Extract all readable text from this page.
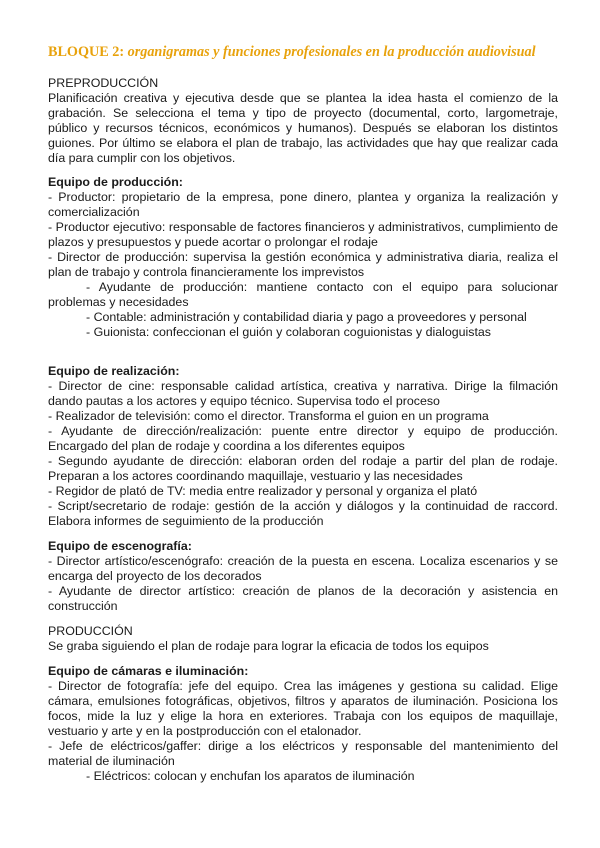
BLOQUE 2: organigramas y funciones profesionales en la producción audiovisual

PREPRODUCCIÓN

Planificación creativa y ejecutiva desde que se plantea la idea hasta el comienzo de la grabación. Se selecciona el tema y tipo de proyecto (documental, corto, largometraje, público y recursos técnicos, económicos y humanos). Después se elaboran los distintos guiones. Por último se elabora el plan de trabajo, las actividades que hay que realizar cada día para cumplir con los objetivos.

Equipo de producción:

- Productor: propietario de la empresa, pone dinero, plantea y organiza la realización y comercialización

- Productor ejecutivo: responsable de factores financieros y administrativos, cumplimiento de plazos y presupuestos y puede acortar o prolongar el rodaje

- Director de producción: supervisa la gestión económica y administrativa diaria, realiza el plan de trabajo y controla financieramente los imprevistos

- Ayudante de producción: mantiene contacto con el equipo para solucionar problemas y necesidades

- Contable: administración y contabilidad diaria y pago a proveedores y personal

- Guionista: confeccionan el guión y colaboran coguionistas y dialoguistas

Equipo de realización:

- Director de cine: responsable calidad artística, creativa y narrativa. Dirige la filmación dando pautas a los actores y equipo técnico. Supervisa todo el proceso

- Realizador de televisión: como el director. Transforma el guion en un programa

- Ayudante de dirección/realización: puente entre director y equipo de producción. Encargado del plan de rodaje y coordina a los diferentes equipos

- Segundo ayudante de dirección: elaboran orden del rodaje a partir del plan de rodaje. Preparan a los actores coordinando maquillaje, vestuario y las necesidades

- Regidor de plató de TV: media entre realizador y personal y organiza el plató

- Script/secretario de rodaje: gestión de la acción y diálogos y la continuidad de raccord. Elabora informes de seguimiento de la producción

Equipo de escenografía:

- Director artístico/escenógrafo: creación de la puesta en escena. Localiza escenarios y se encarga del proyecto de los decorados

- Ayudante de director artístico: creación de planos de la decoración y asistencia en construcción

PRODUCCIÓN

Se graba siguiendo el plan de rodaje para lograr la eficacia de todos los equipos

Equipo de cámaras e iluminación:

- Director de fotografía: jefe del equipo. Crea las imágenes y gestiona su calidad. Elige cámara, emulsiones fotográficas, objetivos, filtros y aparatos de iluminación. Posiciona los focos, mide la luz y elige la hora en exteriores. Trabaja con los equipos de maquillaje, vestuario y arte y en la postproducción con el etalonador.

- Jefe de eléctricos/gaffer: dirige a los eléctricos y responsable del mantenimiento del material de iluminación

- Eléctricos: colocan y enchufan los aparatos de iluminación
